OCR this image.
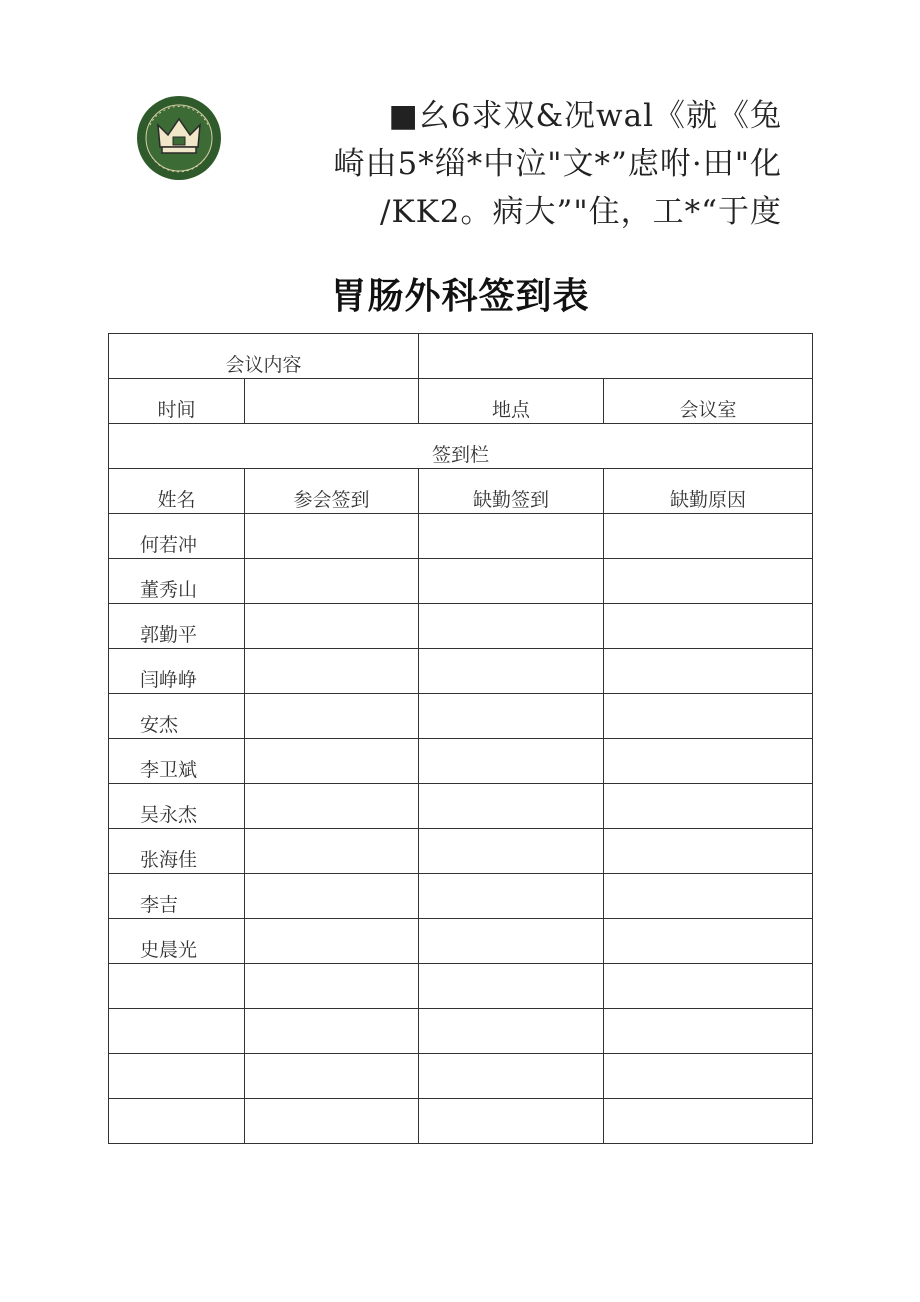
■幺6求双&况wal《就《兔
崎由5*缁*中泣"文*”虑咐·田"化
/KK2。病大”"住，工*“于度
胃肠外科签到表
会议内容			
时间		地点	会议室
签到栏			
姓名	参会签到	缺勤签到	缺勤原因
何若冲			
董秀山			
郭勤平			
闫峥峥			
安杰			
李卫斌			
吴永杰			
张海佳			
李吉			
史晨光			
